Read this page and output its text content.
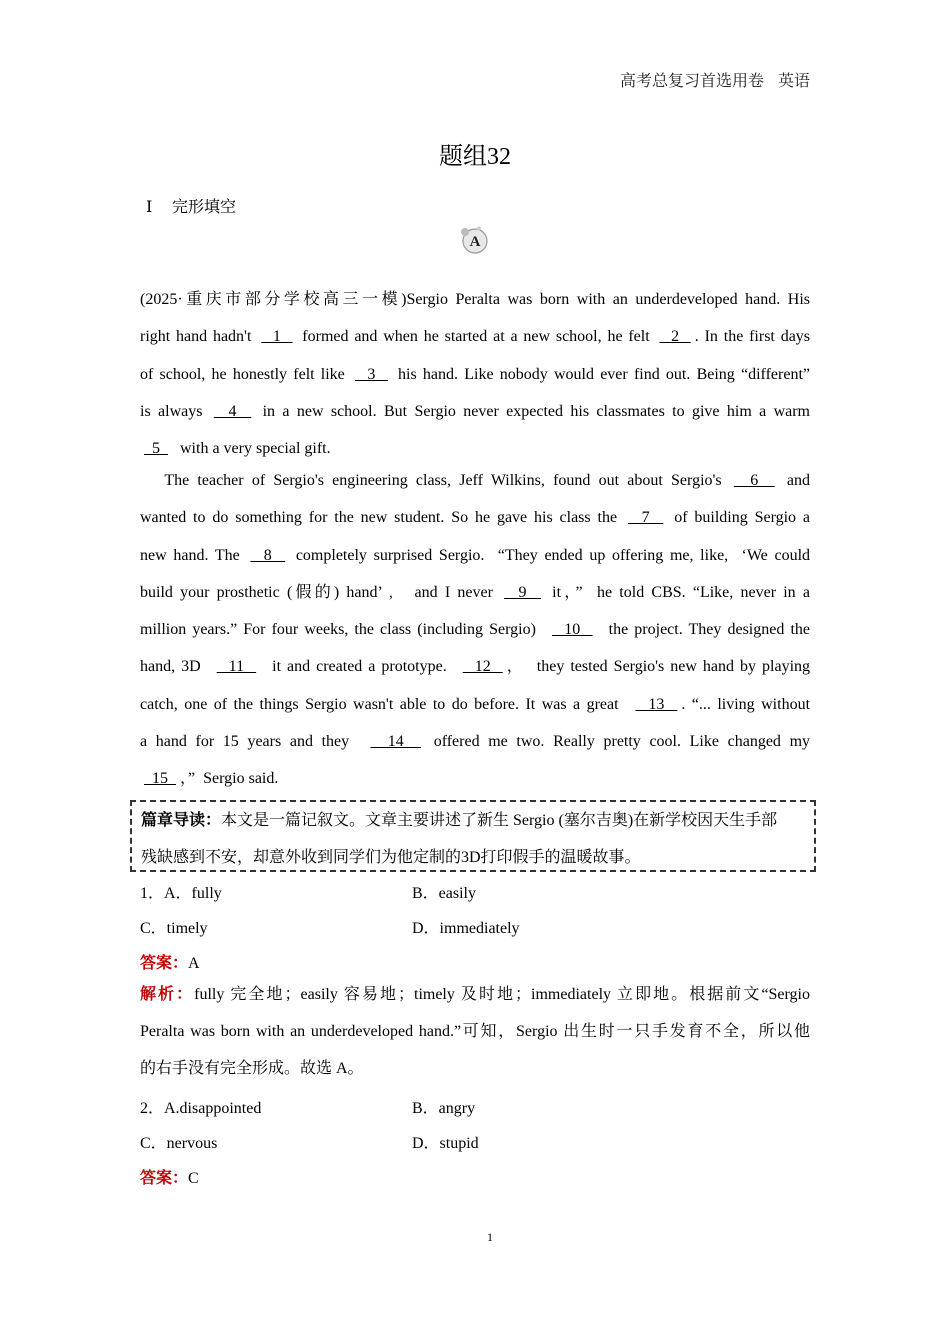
高考总复习首选用卷 英语
题组32
Ⅰ 完形填空
A
(2025·重庆市部分学校高三一模)Sergio Peralta was born with an underdeveloped hand. His
right hand hadn't   1   formed and when he started at a new school, he felt   2  . In the first days
of school, he honestly felt like   3   his hand. Like nobody would ever find out. Being “different”
is always   4   in a new school. But Sergio never expected his classmates to give him a warm
5    with a very special gift.
The teacher of Sergio's engineering class, Jeff Wilkins, found out about Sergio's   6   and
wanted to do something for the new student. So he gave his class the   7   of building Sergio a
new hand. The   8   completely surprised Sergio.  “They ended up offering me, like,  ‘We could
build your prosthetic (假的) hand’ ,   and I never   9   it，”  he told CBS. “Like, never in a
million years.” For four weeks, the class (including Sergio)    10    the project. They designed the
hand, 3D    11    it and created a prototype.    12  ，  they tested Sergio's new hand by playing
catch, one of the things Sergio wasn't able to do before. It was a great    13  . “... living without
a hand for 15 years and they    14   offered me two. Really pretty cool. Like changed my
15  ，”  Sergio said.
篇章导读：本文是一篇记叙文。文章主要讲述了新生 Sergio (塞尔吉奥)在新学校因天生手部
残缺感到不安，却意外收到同学们为他定制的3D打印假手的温暖故事。
1．A．fully	B．easily
C．timely	D．immediately
答案：A
解析：fully 完全地；easily 容易地；timely 及时地；immediately 立即地。根据前文“Sergio
Peralta was born with an underdeveloped hand.”可知，Sergio 出生时一只手发育不全，所以他
的右手没有完全形成。故选 A。
2．A.disappointed	B．angry
C．nervous	D．stupid
答案：C
1
